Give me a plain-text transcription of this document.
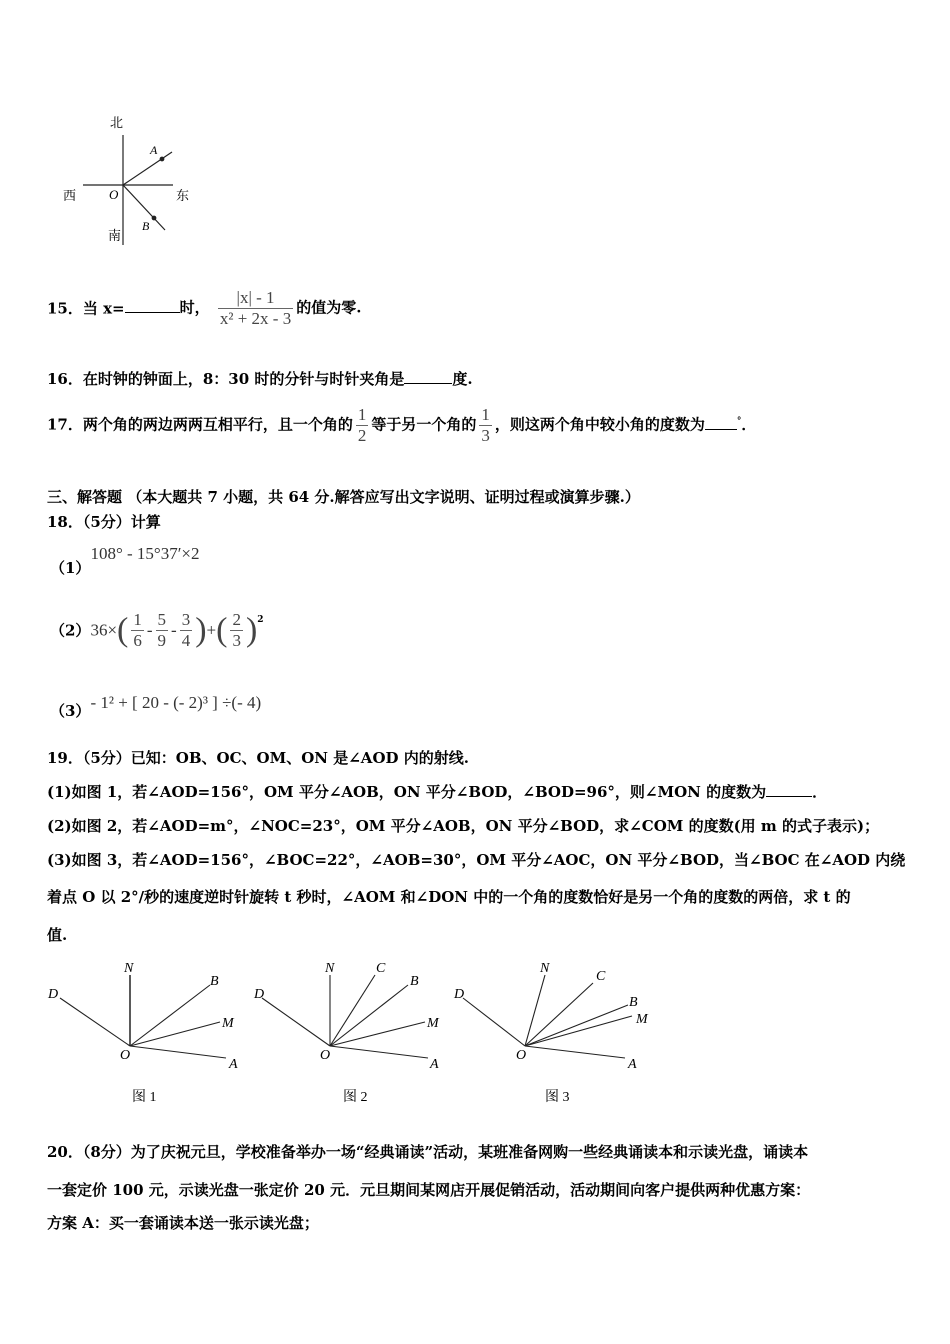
北
西	东
南
O
A
B
15．当 x=	时， $\frac{|x| - 1}{\text{x² + 2x - 3}}$ 的值为零.
16．在时钟的钟面上，8：30 时的分针与时针夹角是	度.
17．两个角的两边两两互相平行，且一个角的 $\frac{1}{2}$ 等于另一个角的 $\frac{1}{3}$ ，则这两个角中较小角的度数为	°．
三、解答题 （本大题共 7 小题，共 64 分.解答应写出文字说明、证明过程或演算步骤.）
18．（5分）计算
（1）108° - 15°37′×2
$(2)36\times( \frac{1}{6} - \frac{5}{9} - \frac{3}{4}$ )+( $\frac{2}{3} )^2$
（3）- 1² + [ 20 - (- 2)³ ] ÷(- 4)
19．（5分）已知：OB、OC、OM、ON 是∠AOD 内的射线.
(1)如图 1，若∠AOD=156°，OM 平分∠AOB，ON 平分∠BOD，∠BOD=96°，则∠MON 的度数为	．
(2)如图 2，若∠AOD=m°，∠NOC=23°，OM 平分∠AOB，ON 平分∠BOD，求∠COM 的度数(用 m 的式子表示)；
(3)如图 3，若∠AOD=156°，∠BOC=22°，∠AOB=30°，OM 平分∠AOC，ON 平分∠BOD，当∠BOC 在∠AOD 内绕
着点 O 以 2°/秒的速度逆时针旋转 t 秒时，∠AOM 和∠DON 中的一个角的度数恰好是另一个角的度数的两倍，求 t 的
值.
D
N
B
M
O
A
D
N	C
B
M
O
A
D
N
C
B
M
O
A
图 1	图 2	图 3
20．（8分）为了庆祝元旦，学校准备举办一场“经典诵读”活动，某班准备网购一些经典诵读本和示读光盘，诵读本
一套定价 100 元，示读光盘一张定价 20 元．元旦期间某网店开展促销活动，活动期间向客户提供两种优惠方案：
方案 A：买一套诵读本送一张示读光盘；
